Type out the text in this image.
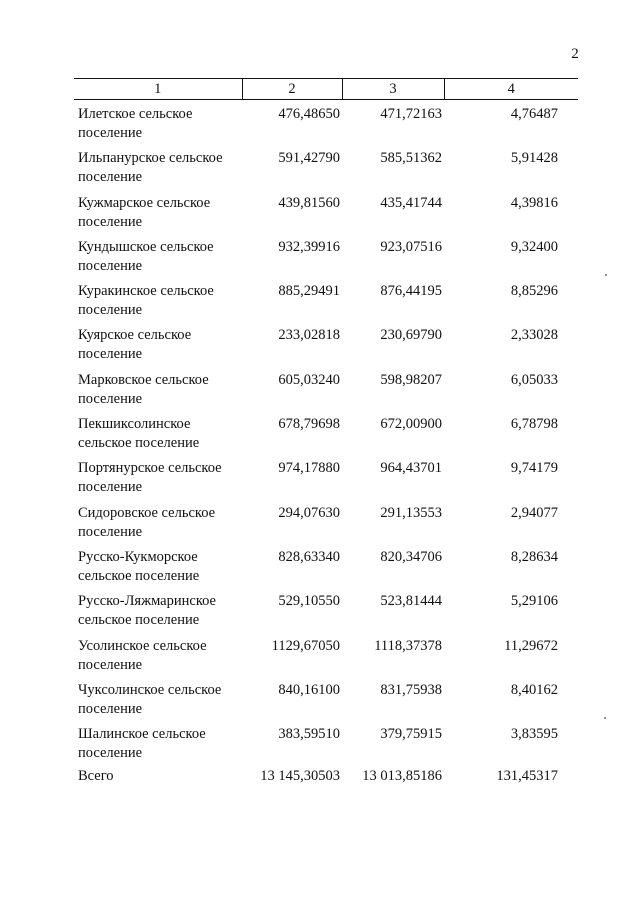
2
1	2	3	4
Илетское сельское поселение	476,48650	471,72163	4,76487
Ильпанурское сельское поселение	591,42790	585,51362	5,91428
Кужмарское сельское поселение	439,81560	435,41744	4,39816
Кундышское сельское поселение	932,39916	923,07516	9,32400
Куракинское сельское поселение	885,29491	876,44195	8,85296
Куярское сельское поселение	233,02818	230,69790	2,33028
Марковское сельское поселение	605,03240	598,98207	6,05033
Пекшиксолинское сельское поселение	678,79698	672,00900	6,78798
Портянурское сельское поселение	974,17880	964,43701	9,74179
Сидоровское сельское поселение	294,07630	291,13553	2,94077
Русско-Кукморское сельское поселение	828,63340	820,34706	8,28634
Русско-Ляжмаринское сельское поселение	529,10550	523,81444	5,29106
Усолинское сельское поселение	1129,67050	1118,37378	11,29672
Чуксолинское сельское поселение	840,16100	831,75938	8,40162
Шалинское сельское поселение	383,59510	379,75915	3,83595
Всего	13 145,30503	13 013,85186	131,45317
